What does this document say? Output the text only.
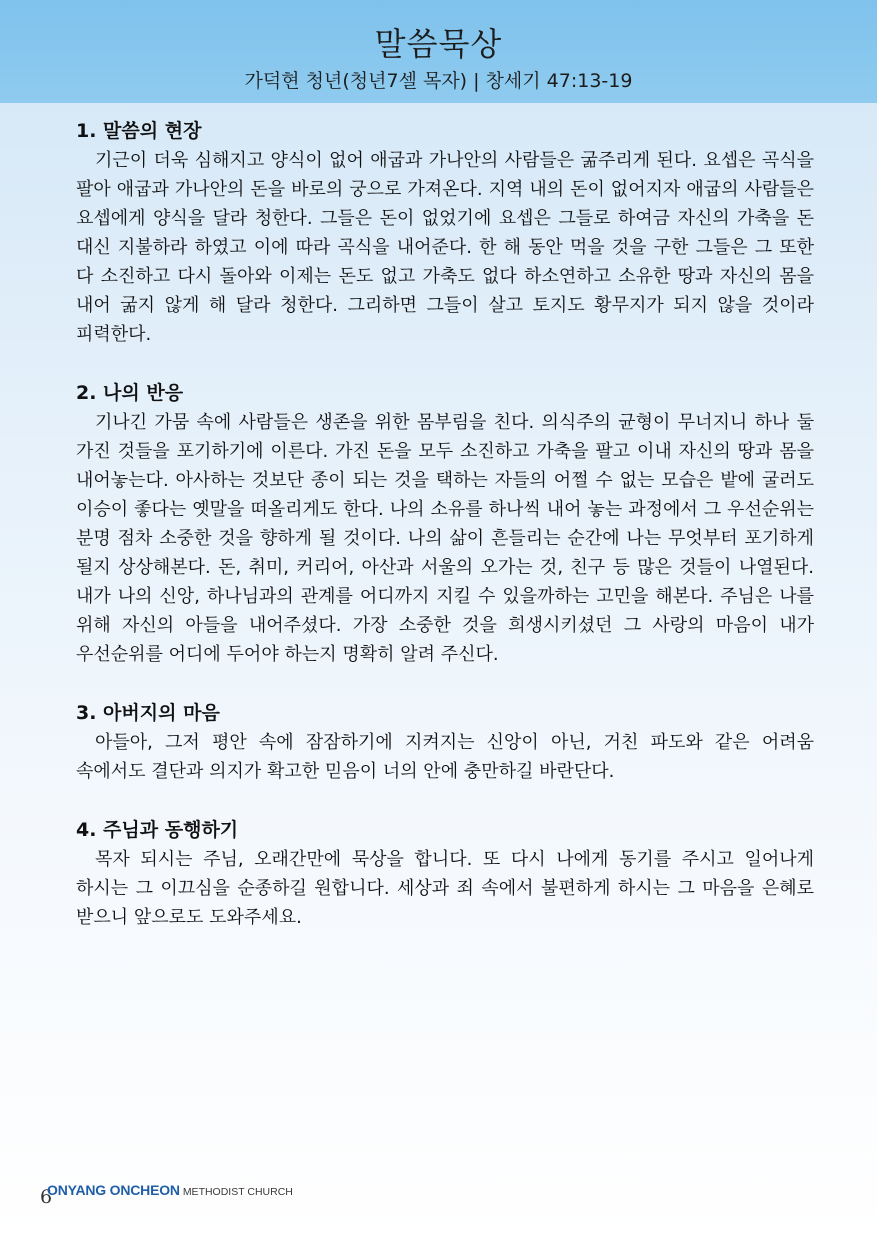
말씀묵상
가덕현 청년(청년7셀 목자) | 창세기 47:13-19

1. 말씀의 현장

기근이 더욱 심해지고 양식이 없어 애굽과 가나안의 사람들은 굶주리게 된다. 요셉은 곡식을 팔아 애굽과 가나안의 돈을 바로의 궁으로 가져온다. 지역 내의 돈이 없어지자 애굽의 사람들은 요셉에게 양식을 달라 청한다. 그들은 돈이 없었기에 요셉은 그들로 하여금 자신의 가축을 돈 대신 지불하라 하였고 이에 따라 곡식을 내어준다. 한 해 동안 먹을 것을 구한 그들은 그 또한 다 소진하고 다시 돌아와 이제는 돈도 없고 가축도 없다 하소연하고 소유한 땅과 자신의 몸을 내어 굶지 않게 해 달라 청한다. 그리하면 그들이 살고 토지도 황무지가 되지 않을 것이라 피력한다.

2. 나의 반응

기나긴 가뭄 속에 사람들은 생존을 위한 몸부림을 친다. 의식주의 균형이 무너지니 하나 둘 가진 것들을 포기하기에 이른다. 가진 돈을 모두 소진하고 가축을 팔고 이내 자신의 땅과 몸을 내어놓는다. 아사하는 것보단 종이 되는 것을 택하는 자들의 어쩔 수 없는 모습은 밭에 굴러도 이승이 좋다는 옛말을 떠올리게도 한다. 나의 소유를 하나씩 내어 놓는 과정에서 그 우선순위는 분명 점차 소중한 것을 향하게 될 것이다. 나의 삶이 흔들리는 순간에 나는 무엇부터 포기하게 될지 상상해본다. 돈, 취미, 커리어, 아산과 서울의 오가는 것, 친구 등 많은 것들이 나열된다. 내가 나의 신앙, 하나님과의 관계를 어디까지 지킬 수 있을까하는 고민을 해본다. 주님은 나를 위해 자신의 아들을 내어주셨다. 가장 소중한 것을 희생시키셨던 그 사랑의 마음이 내가 우선순위를 어디에 두어야 하는지 명확히 알려 주신다.

3. 아버지의 마음

아들아, 그저 평안 속에 잠잠하기에 지켜지는 신앙이 아닌, 거친 파도와 같은 어려움 속에서도 결단과 의지가 확고한 믿음이 너의 안에 충만하길 바란단다.

4. 주님과 동행하기

목자 되시는 주님, 오래간만에 묵상을 합니다. 또 다시 나에게 동기를 주시고 일어나게 하시는 그 이끄심을 순종하길 원합니다. 세상과 죄 속에서 불편하게 하시는 그 마음을 은혜로 받으니 앞으로도 도와주세요.

6
ONYANG ONCHEON METHODIST CHURCH
